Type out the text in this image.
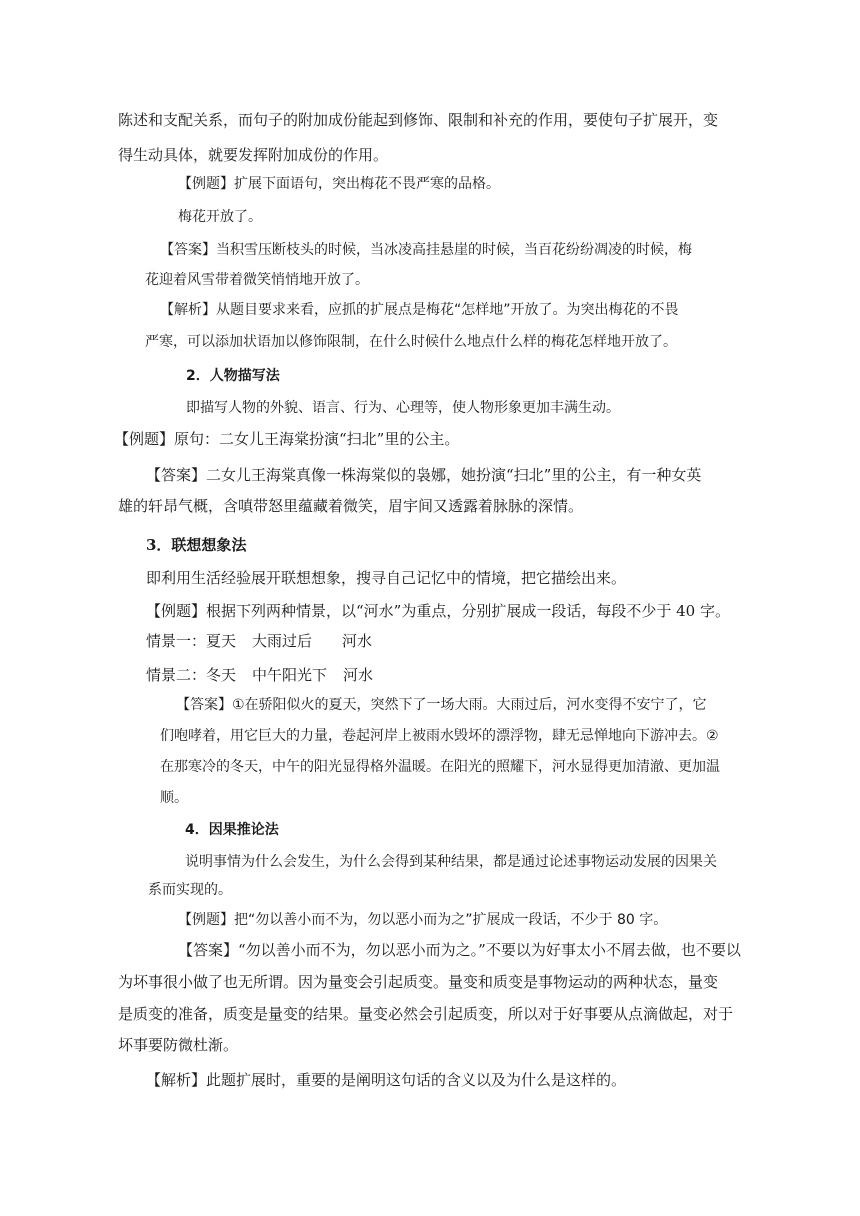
陈述和支配关系，而句子的附加成份能起到修饰、限制和补充的作用，要使句子扩展开，变
得生动具体，就要发挥附加成份的作用。
【例题】扩展下面语句，突出梅花不畏严寒的品格。
梅花开放了。
【答案】当积雪压断枝头的时候，当冰凌高挂悬崖的时候，当百花纷纷凋凌的时候，梅
花迎着风雪带着微笑悄悄地开放了。
【解析】从题目要求来看，应抓的扩展点是梅花“怎样地”开放了。为突出梅花的不畏
严寒，可以添加状语加以修饰限制，在什么时候什么地点什么样的梅花怎样地开放了。
2．人物描写法
即描写人物的外貌、语言、行为、心理等，使人物形象更加丰满生动。
【例题】原句：二女儿王海棠扮演“扫北”里的公主。
【答案】二女儿王海棠真像一株海棠似的袅娜，她扮演“扫北”里的公主，有一种女英
雄的轩昂气概，含嗔带怒里蕴藏着微笑，眉宇间又透露着脉脉的深情。
3．联想想象法
即利用生活经验展开联想想象，搜寻自己记忆中的情境，把它描绘出来。
【例题】根据下列两种情景，以“河水”为重点，分别扩展成一段话，每段不少于 40 字。
情景一：夏天 大雨过后 河水
情景二：冬天 中午阳光下 河水
【答案】①在骄阳似火的夏天，突然下了一场大雨。大雨过后，河水变得不安宁了，它
们咆哮着，用它巨大的力量，卷起河岸上被雨水毁坏的漂浮物，肆无忌惮地向下游冲去。②
在那寒冷的冬天，中午的阳光显得格外温暖。在阳光的照耀下，河水显得更加清澈、更加温
顺。
4．因果推论法
说明事情为什么会发生，为什么会得到某种结果，都是通过论述事物运动发展的因果关
系而实现的。
【例题】把“勿以善小而不为，勿以恶小而为之”扩展成一段话，不少于 80 字。
【答案】“勿以善小而不为，勿以恶小而为之。”不要以为好事太小不屑去做，也不要以
为坏事很小做了也无所谓。因为量变会引起质变。量变和质变是事物运动的两种状态，量变
是质变的准备，质变是量变的结果。量变必然会引起质变，所以对于好事要从点滴做起，对于
坏事要防微杜渐。
【解析】此题扩展时，重要的是阐明这句话的含义以及为什么是这样的。
